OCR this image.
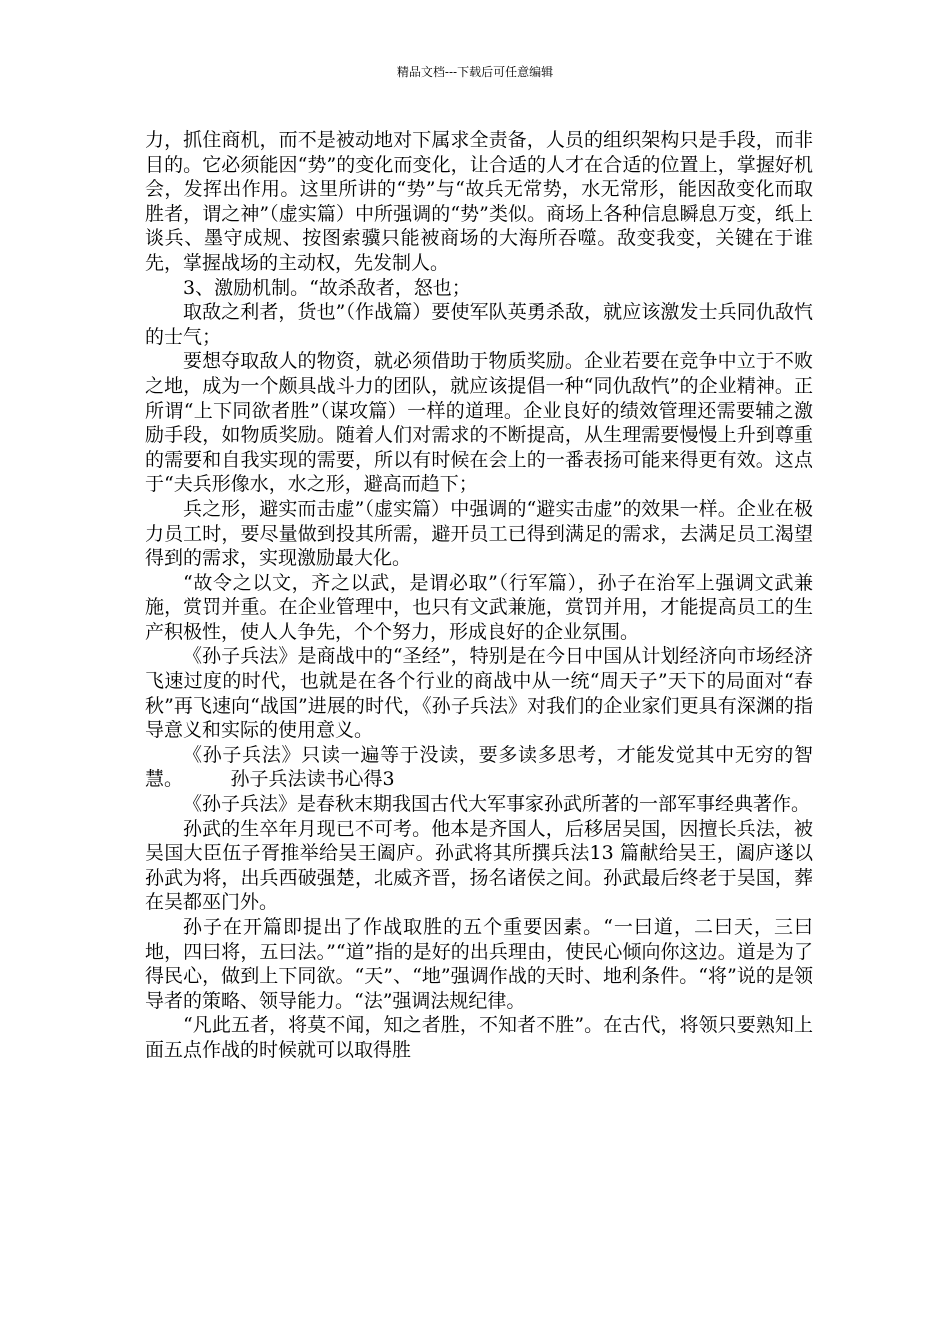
精品文档---下载后可任意编辑

力，抓住商机，而不是被动地对下属求全责备，人员的组织架构只是手段，而非目的。它必须能因“势”的变化而变化，让合适的人才在合适的位置上，掌握好机会，发挥出作用。这里所讲的“势”与“故兵无常势，水无常形，能因敌变化而取胜者，谓之神”（虚实篇）中所强调的“势”类似。商场上各种信息瞬息万变，纸上谈兵、墨守成规、按图索骥只能被商场的大海所吞噬。敌变我变，关键在于谁先，掌握战场的主动权，先发制人。

3、激励机制。“故杀敌者，怒也；

取敌之利者，货也”（作战篇）要使军队英勇杀敌，就应该激发士兵同仇敌忾的士气；

要想夺取敌人的物资，就必须借助于物质奖励。企业若要在竞争中立于不败之地，成为一个颇具战斗力的团队，就应该提倡一种“同仇敌忾”的企业精神。正所谓“上下同欲者胜”（谋攻篇）一样的道理。企业良好的绩效管理还需要辅之激励手段，如物质奖励。随着人们对需求的不断提高，从生理需要慢慢上升到尊重的需要和自我实现的需要，所以有时候在会上的一番表扬可能来得更有效。这点于“夫兵形像水，水之形，避高而趋下；

兵之形，避实而击虚”（虚实篇）中强调的“避实击虚”的效果一样。企业在极力员工时，要尽量做到投其所需，避开员工已得到满足的需求，去满足员工渴望得到的需求，实现激励最大化。

“故令之以文，齐之以武，是谓必取”（行军篇），孙子在治军上强调文武兼施，赏罚并重。在企业管理中，也只有文武兼施，赏罚并用，才能提高员工的生产积极性，使人人争先，个个努力，形成良好的企业氛围。

《孙子兵法》是商战中的“圣经”，特别是在今日中国从计划经济向市场经济飞速过度的时代，也就是在各个行业的商战中从一统“周天子”天下的局面对“春秋”再飞速向“战国”进展的时代，《孙子兵法》对我们的企业家们更具有深渊的指导意义和实际的使用意义。

《孙子兵法》只读一遍等于没读，要多读多思考，才能发觉其中无穷的智慧。　　　孙子兵法读书心得3

《孙子兵法》是春秋末期我国古代大军事家孙武所著的一部军事经典著作。

孙武的生卒年月现已不可考。他本是齐国人，后移居吴国，因擅长兵法，被吴国大臣伍子胥推举给吴王阖庐。孙武将其所撰兵法13 篇献给吴王，阖庐遂以孙武为将，出兵西破强楚，北威齐晋，扬名诸侯之间。孙武最后终老于吴国，葬在吴都巫门外。

孙子在开篇即提出了作战取胜的五个重要因素。“一曰道，二曰天，三曰地，四曰将，五曰法。”“道”指的是好的出兵理由，使民心倾向你这边。道是为了得民心，做到上下同欲。“天”、“地”强调作战的天时、地利条件。“将”说的是领导者的策略、领导能力。“法”强调法规纪律。

“凡此五者，将莫不闻，知之者胜，不知者不胜”。在古代，将领只要熟知上面五点作战的时候就可以取得胜
